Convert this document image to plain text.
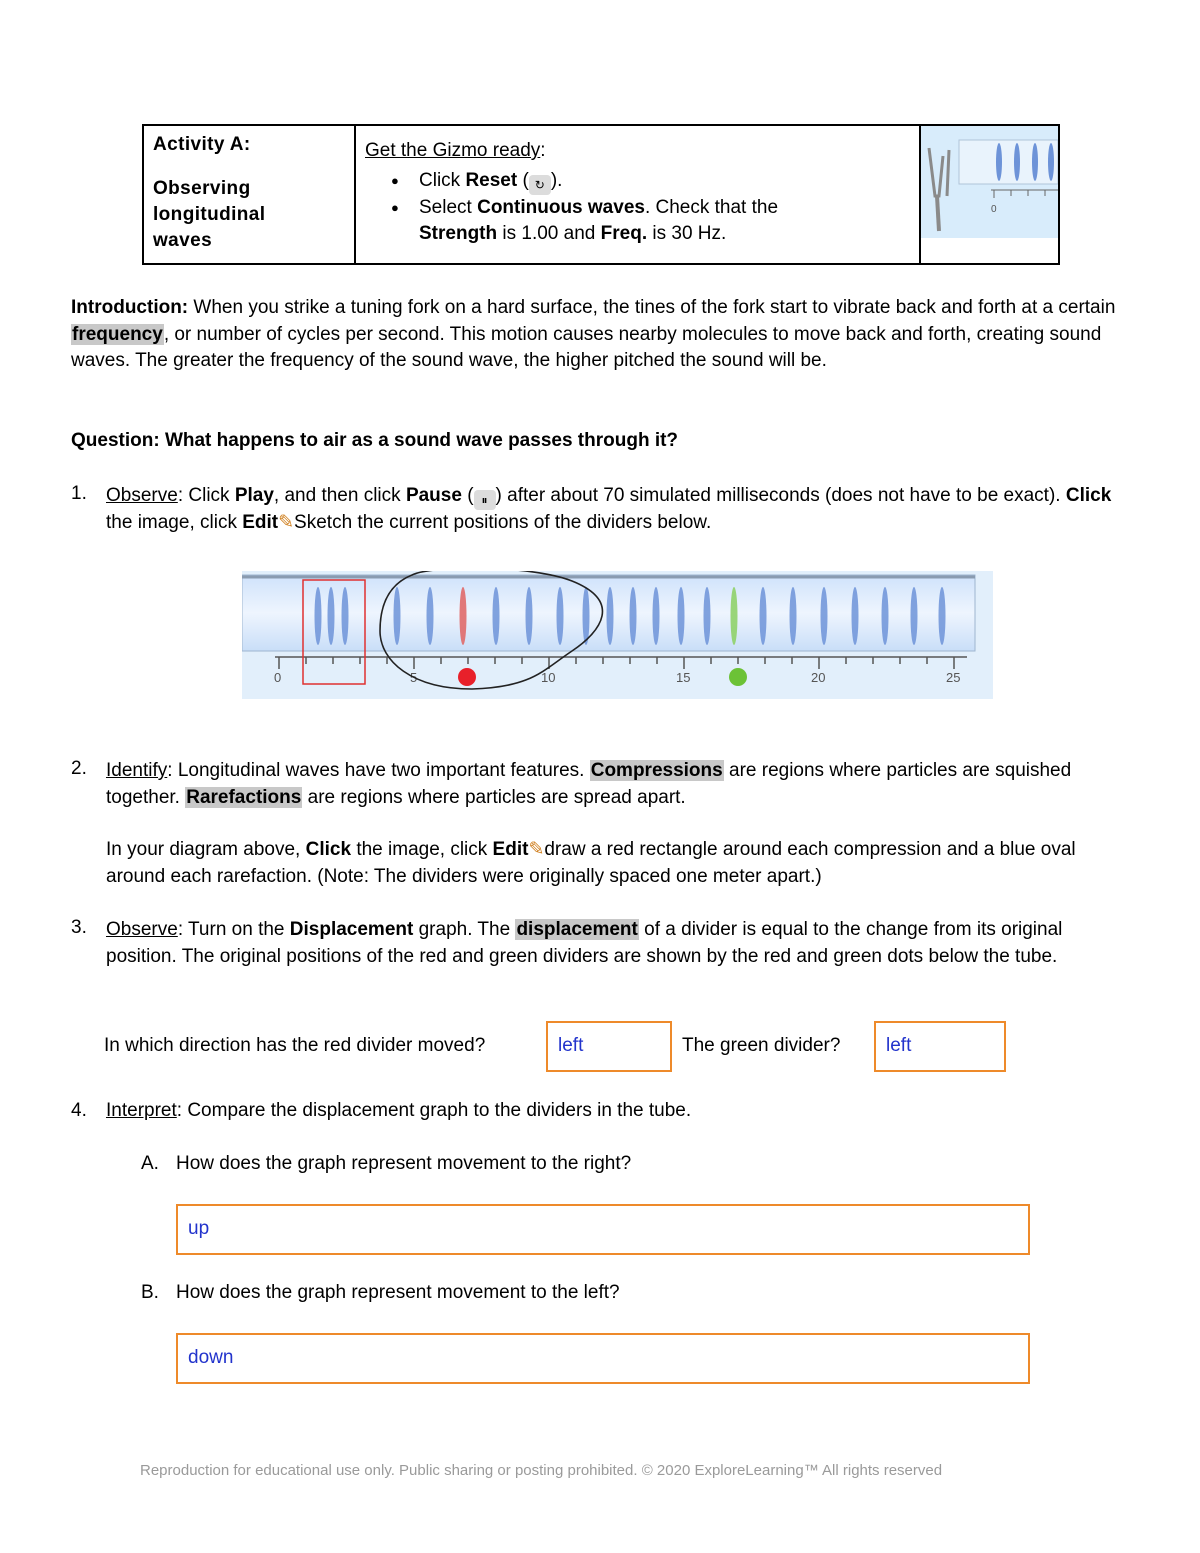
Activity A:
Observing
longitudinal
waves
Get the Gizmo ready:
● Click Reset ( ↻ ).
● Select Continuous waves. Check that the
Strength is 1.00 and Freq. is 30 Hz.
0
Introduction: When you strike a tuning fork on a hard surface, the tines of the fork start to vibrate back and forth at a certain frequency, or number of cycles per second. This motion causes nearby molecules to move back and forth, creating sound waves. The greater the frequency of the sound wave, the higher pitched the sound will be.
Question: What happens to air as a sound wave passes through it?
1. Observe: Click Play, and then click Pause ( ⏸ ) after about 70 simulated milliseconds (does not have to be exact). Click the image, click Edit✎Sketch the current positions of the dividers below.
0	5	10	15	20	25
2. Identify: Longitudinal waves have two important features. Compressions are regions where particles are squished together. Rarefactions are regions where particles are spread apart.
In your diagram above, Click the image, click Edit✎draw a red rectangle around each compression and a blue oval around each rarefaction. (Note: The dividers were originally spaced one meter apart.)
3. Observe: Turn on the Displacement graph. The displacement of a divider is equal to the change from its original position. The original positions of the red and green dividers are shown by the red and green dots below the tube.
In which direction has the red divider moved?	left	The green divider?	left
4. Interpret: Compare the displacement graph to the dividers in the tube.
A. How does the graph represent movement to the right?
up
B. How does the graph represent movement to the left?
down
Reproduction for educational use only. Public sharing or posting prohibited. © 2020 ExploreLearning™ All rights reserved
